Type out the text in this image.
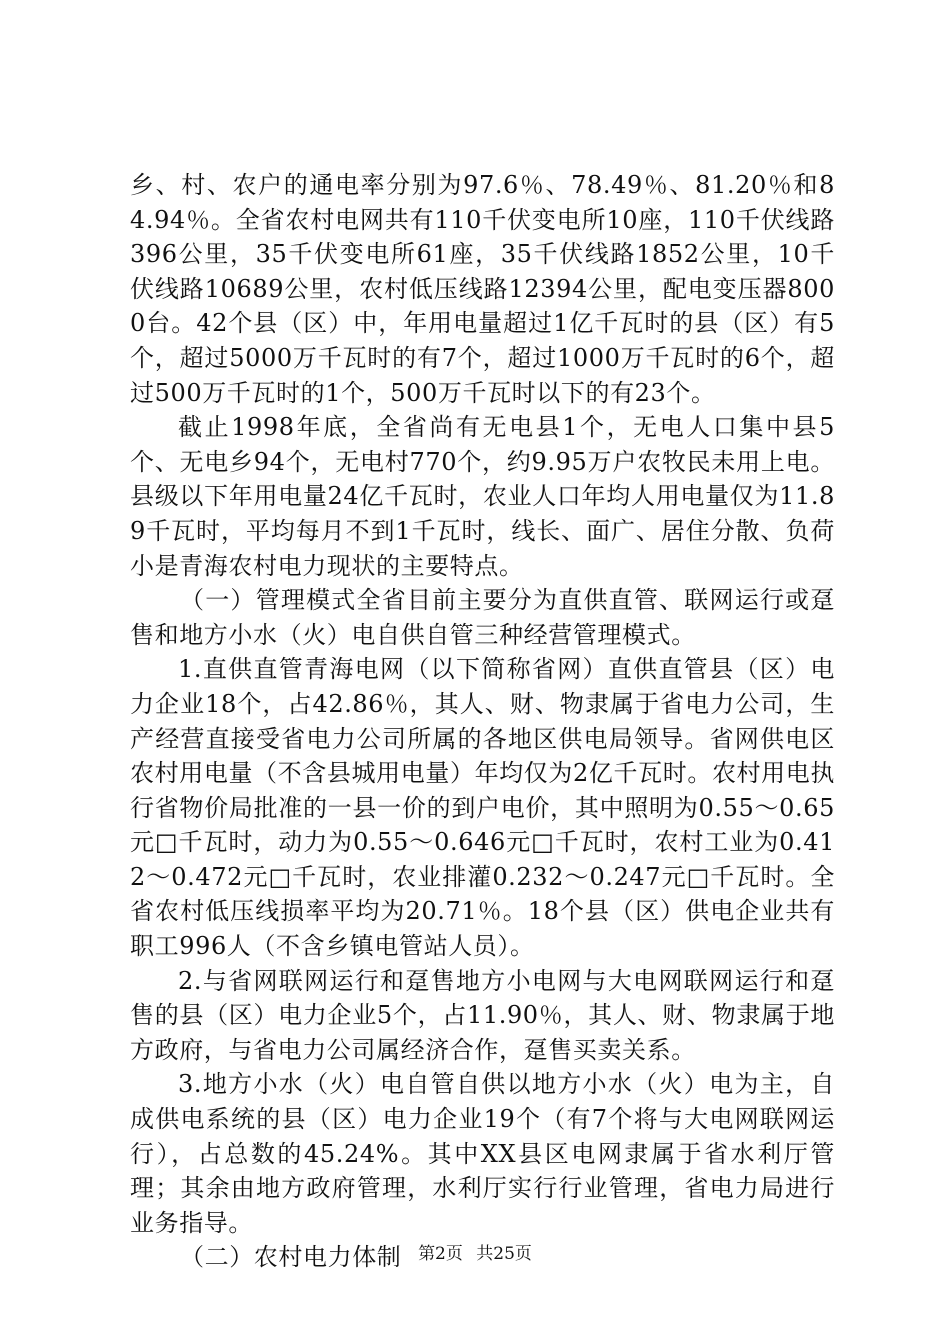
乡、村、农户的通电率分别为97.6％、78.49％、81.20％和84.94％。全省农村电网共有110千伏变电所10座，110千伏线路396公里，35千伏变电所61座，35千伏线路1852公里，10千伏线路10689公里，农村低压线路12394公里，配电变压器8000台。42个县（区）中，年用电量超过1亿千瓦时的县（区）有5个，超过5000万千瓦时的有7个，超过1000万千瓦时的6个，超过500万千瓦时的1个，500万千瓦时以下的有23个。

截止1998年底，全省尚有无电县1个，无电人口集中县5个、无电乡94个，无电村770个，约9.95万户农牧民未用上电。县级以下年用电量24亿千瓦时，农业人口年均人用电量仅为11.89千瓦时，平均每月不到1千瓦时，线长、面广、居住分散、负荷小是青海农村电力现状的主要特点。

（一）管理模式全省目前主要分为直供直管、联网运行或趸售和地方小水（火）电自供自管三种经营管理模式。

1.直供直管青海电网（以下简称省网）直供直管县（区）电力企业18个，占42.86％，其人、财、物隶属于省电力公司，生产经营直接受省电力公司所属的各地区供电局领导。省网供电区农村用电量（不含县城用电量）年均仅为2亿千瓦时。农村用电执行省物价局批准的一县一价的到户电价，其中照明为0.55～0.65元□千瓦时，动力为0.55～0.646元□千瓦时，农村工业为0.412～0.472元□千瓦时，农业排灌0.232～0.247元□千瓦时。全省农村低压线损率平均为20.71％。18个县（区）供电企业共有职工996人（不含乡镇电管站人员）。

2.与省网联网运行和趸售地方小电网与大电网联网运行和趸售的县（区）电力企业5个，占11.90％，其人、财、物隶属于地方政府，与省电力公司属经济合作，趸售买卖关系。

3.地方小水（火）电自管自供以地方小水（火）电为主，自成供电系统的县（区）电力企业19个（有7个将与大电网联网运行），占总数的45.24%。其中XX县区电网隶属于省水利厅管理；其余由地方政府管理，水利厅实行行业管理，省电力局进行业务指导。

（二）农村电力体制 第2页 共25页
